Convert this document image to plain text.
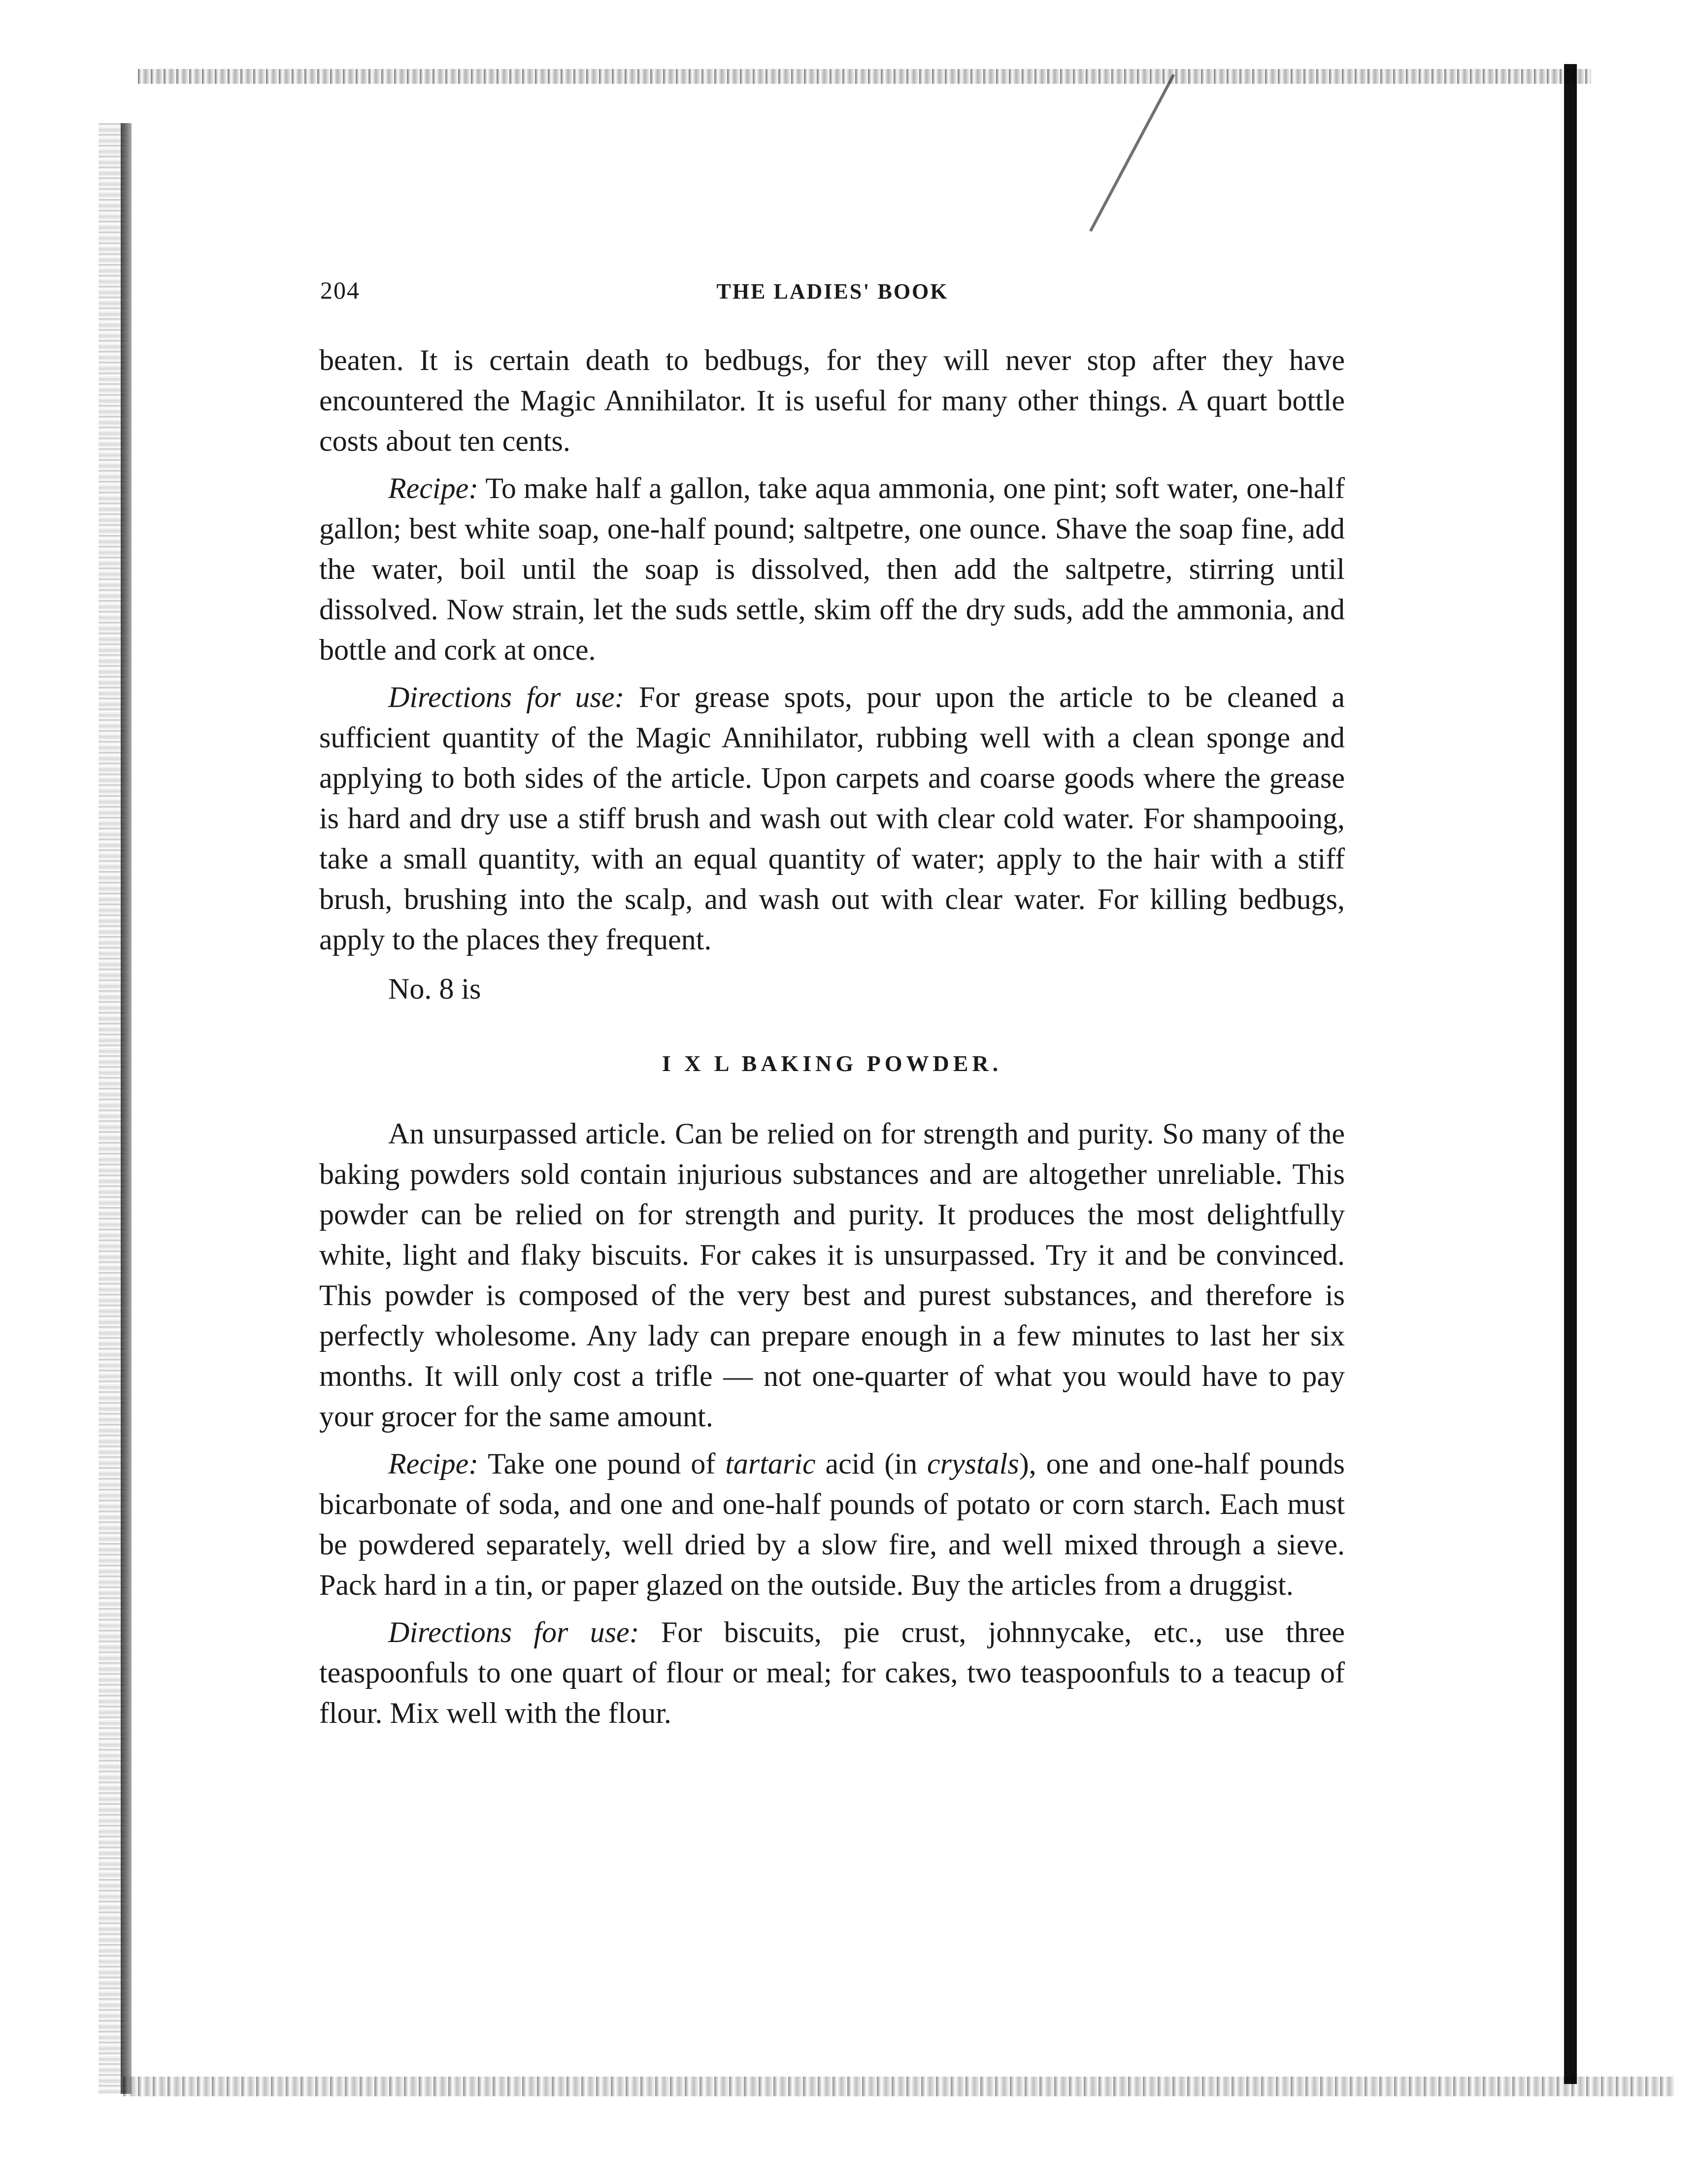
204	THE LADIES' BOOK

beaten. It is certain death to bedbugs, for they will never stop after they have encountered the Magic Annihilator. It is useful for many other things. A quart bottle costs about ten cents.

Recipe: To make half a gallon, take aqua ammonia, one pint; soft water, one-half gallon; best white soap, one-half pound; saltpetre, one ounce. Shave the soap fine, add the water, boil until the soap is dissolved, then add the saltpetre, stirring until dissolved. Now strain, let the suds settle, skim off the dry suds, add the ammonia, and bottle and cork at once.

Directions for use: For grease spots, pour upon the article to be cleaned a sufficient quantity of the Magic Annihilator, rubbing well with a clean sponge and applying to both sides of the article. Upon carpets and coarse goods where the grease is hard and dry use a stiff brush and wash out with clear cold water. For shampooing, take a small quantity, with an equal quantity of water; apply to the hair with a stiff brush, brushing into the scalp, and wash out with clear water. For killing bedbugs, apply to the places they frequent.

No. 8 is

I X L BAKING POWDER.

An unsurpassed article. Can be relied on for strength and purity. So many of the baking powders sold contain injurious substances and are altogether unreliable. This powder can be relied on for strength and purity. It produces the most delightfully white, light and flaky biscuits. For cakes it is unsurpassed. Try it and be convinced. This powder is composed of the very best and purest substances, and therefore is perfectly wholesome. Any lady can prepare enough in a few minutes to last her six months. It will only cost a trifle — not one-quarter of what you would have to pay your grocer for the same amount.

Recipe: Take one pound of tartaric acid (in crystals), one and one-half pounds bicarbonate of soda, and one and one-half pounds of potato or corn starch. Each must be powdered separately, well dried by a slow fire, and well mixed through a sieve. Pack hard in a tin, or paper glazed on the outside. Buy the articles from a druggist.

Directions for use: For biscuits, pie crust, johnnycake, etc., use three teaspoonfuls to one quart of flour or meal; for cakes, two teaspoonfuls to a teacup of flour. Mix well with the flour.
